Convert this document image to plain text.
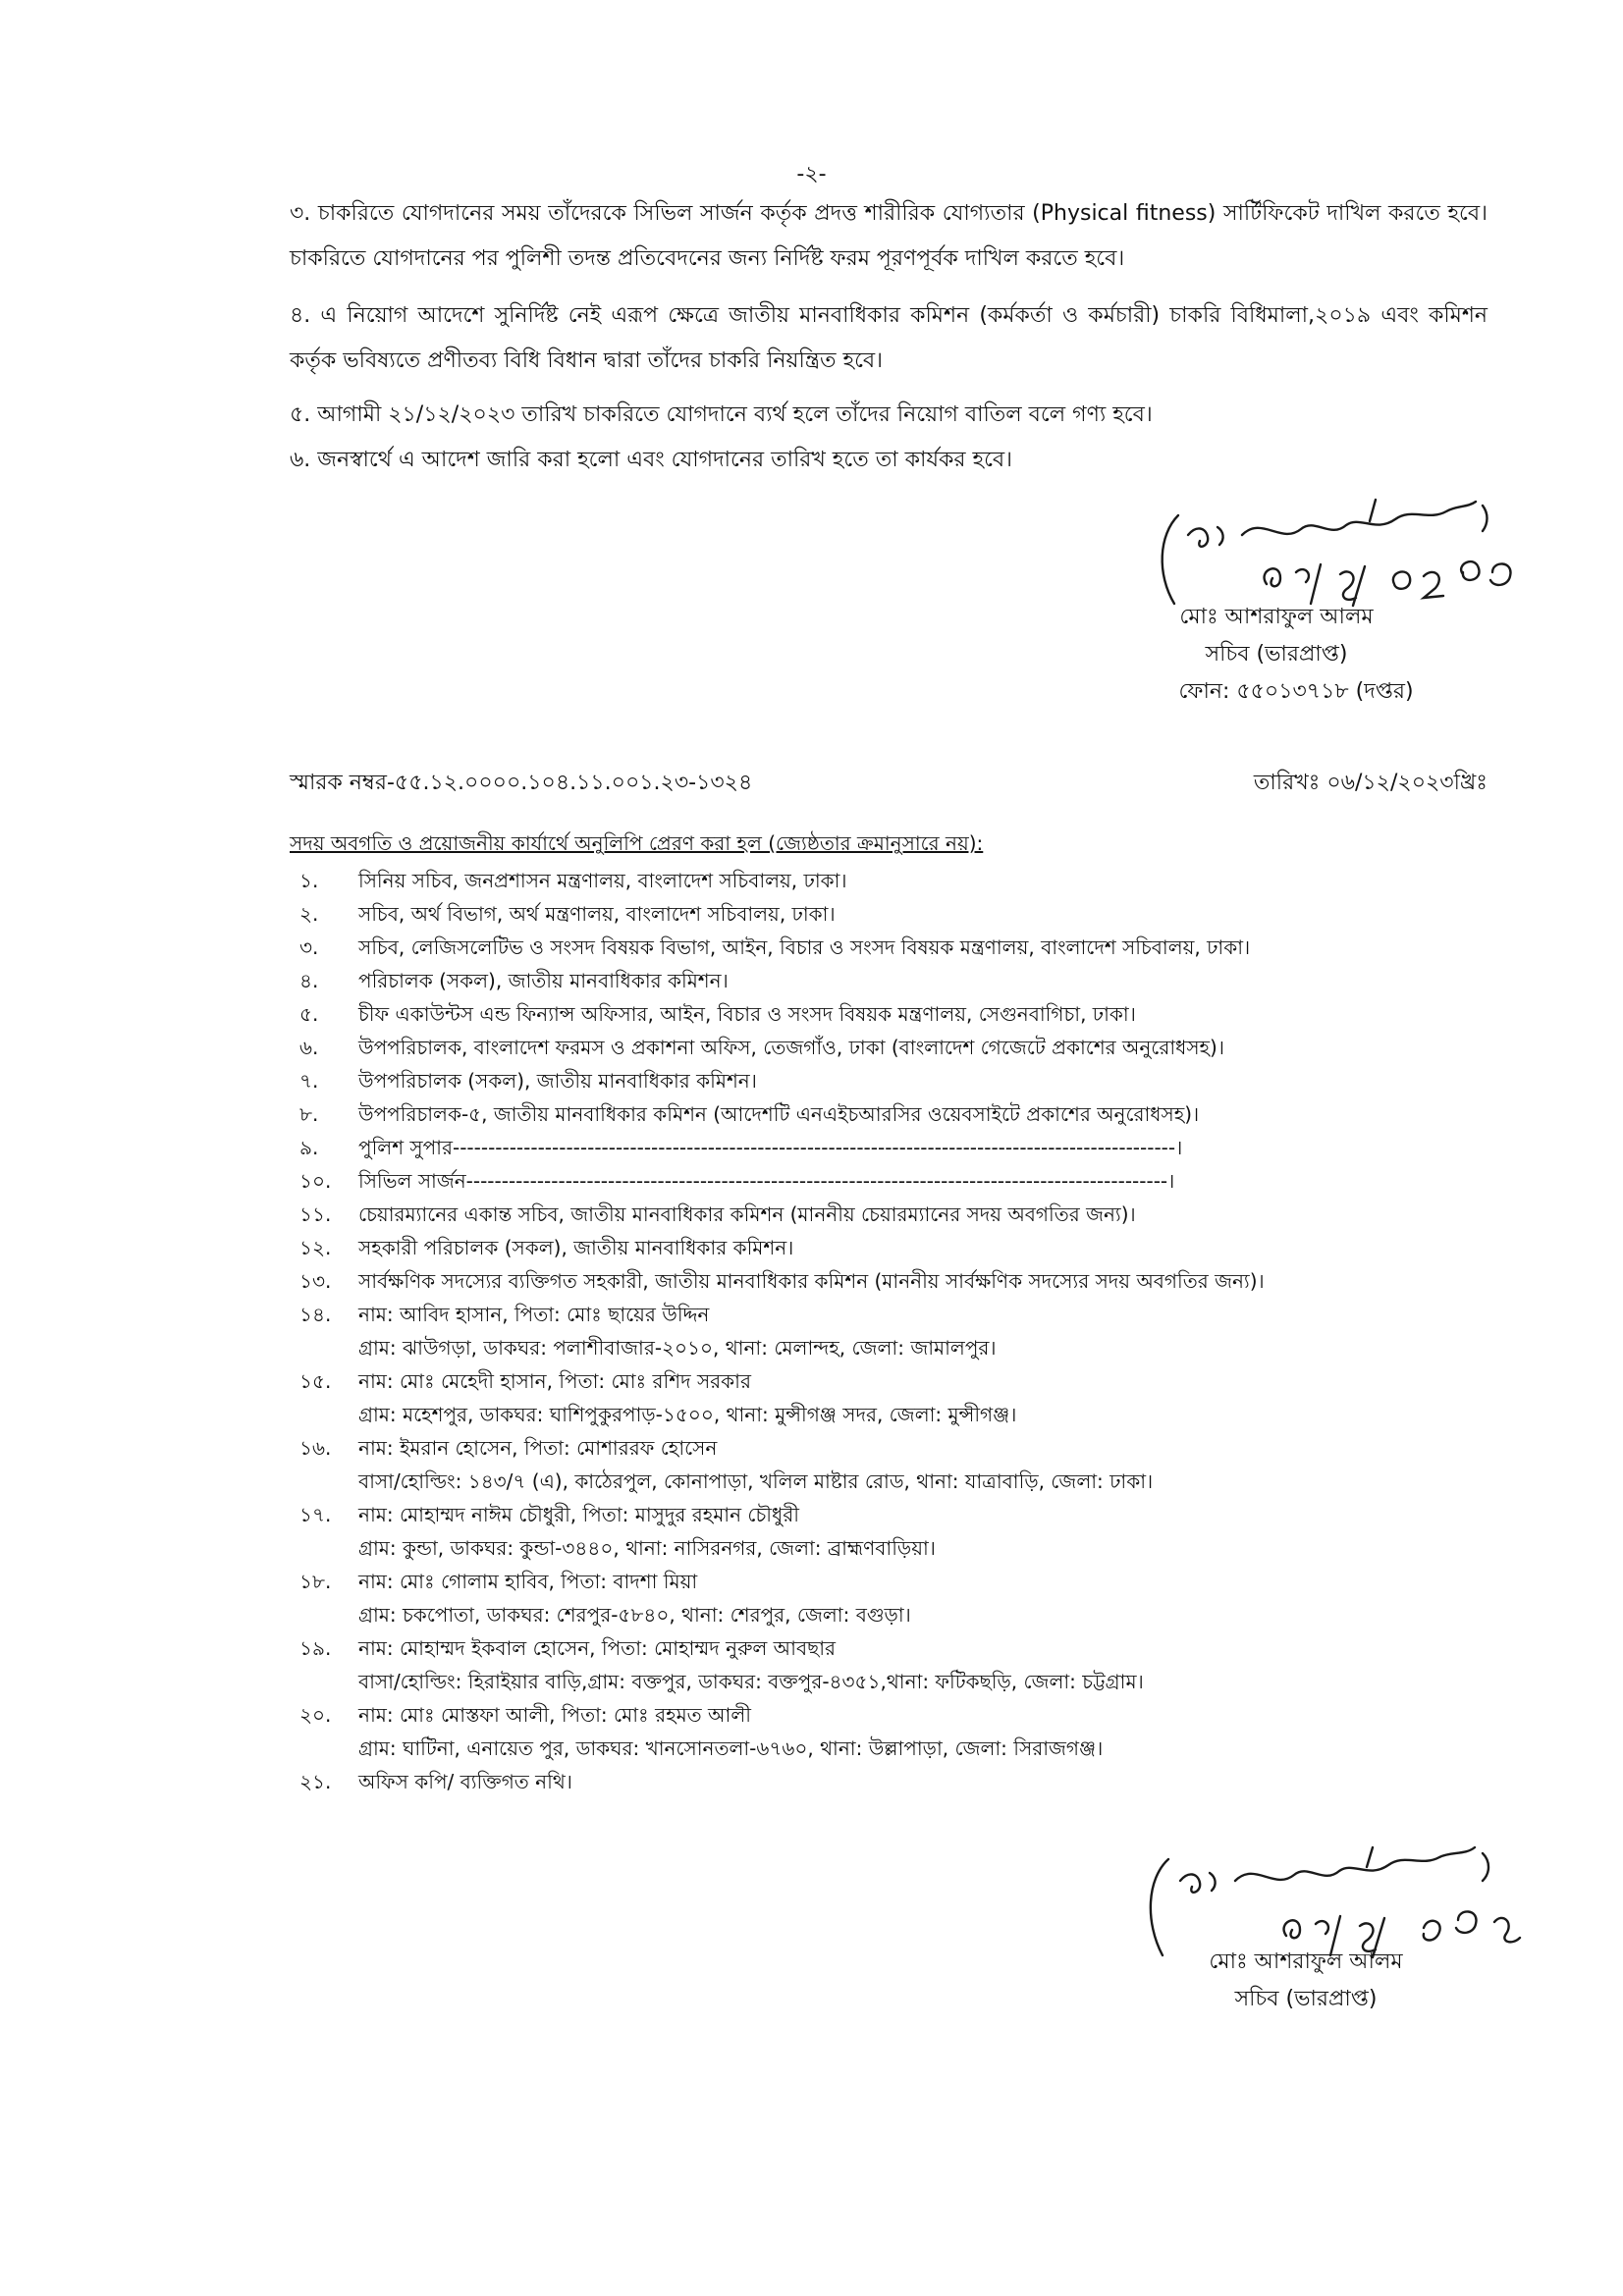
-২-

৩. চাকরিতে যোগদানের সময় তাঁদেরকে সিভিল সার্জন কর্তৃক প্রদত্ত শারীরিক যোগ্যতার (Physical fitness) সার্টিফিকেট দাখিল করতে হবে। চাকরিতে যোগদানের পর পুলিশী তদন্ত প্রতিবেদনের জন্য নির্দিষ্ট ফরম পূরণপূর্বক দাখিল করতে হবে।

৪. এ নিয়োগ আদেশে সুনির্দিষ্ট নেই এরূপ ক্ষেত্রে জাতীয় মানবাধিকার কমিশন (কর্মকর্তা ও কর্মচারী) চাকরি বিধিমালা,২০১৯ এবং কমিশন কর্তৃক ভবিষ্যতে প্রণীতব্য বিধি বিধান দ্বারা তাঁদের চাকরি নিয়ন্ত্রিত হবে।

৫. আগামী ২১/১২/২০২৩ তারিখ চাকরিতে যোগদানে ব্যর্থ হলে তাঁদের নিয়োগ বাতিল বলে গণ্য হবে।

৬. জনস্বার্থে এ আদেশ জারি করা হলো এবং যোগদানের তারিখ হতে তা কার্যকর হবে।

মোঃ আশরাফুল আলম
সচিব (ভারপ্রাপ্ত)
ফোন: ৫৫০১৩৭১৮ (দপ্তর)
স্মারক নম্বর-৫৫.১২.০০০০.১০৪.১১.০০১.২৩-১৩২৪	তারিখঃ ০৬/১২/২০২৩খ্রিঃ
সদয় অবগতি ও প্রয়োজনীয় কার্যার্থে অনুলিপি প্রেরণ করা হল (জ্যেষ্ঠতার ক্রমানুসারে নয়):
১.	সিনিয় সচিব, জনপ্রশাসন মন্ত্রণালয়, বাংলাদেশ সচিবালয়, ঢাকা।
২.	সচিব, অর্থ বিভাগ, অর্থ মন্ত্রণালয়, বাংলাদেশ সচিবালয়, ঢাকা।
৩.	সচিব, লেজিসলেটিভ ও সংসদ বিষয়ক বিভাগ, আইন, বিচার ও সংসদ বিষয়ক মন্ত্রণালয়, বাংলাদেশ সচিবালয়, ঢাকা।
৪.	পরিচালক (সকল), জাতীয় মানবাধিকার কমিশন।
৫.	চীফ একাউন্টস এন্ড ফিন্যান্স অফিসার, আইন, বিচার ও সংসদ বিষয়ক মন্ত্রণালয়, সেগুনবাগিচা, ঢাকা।
৬.	উপপরিচালক, বাংলাদেশ ফরমস ও প্রকাশনা অফিস, তেজগাঁও, ঢাকা (বাংলাদেশ গেজেটে প্রকাশের অনুরোধসহ)।
৭.	উপপরিচালক (সকল), জাতীয় মানবাধিকার কমিশন।
৮.	উপপরিচালক-৫, জাতীয় মানবাধিকার কমিশন (আদেশটি এনএইচআরসির ওয়েবসাইটে প্রকাশের অনুরোধসহ)।
৯.	পুলিশ সুপার------------------------------------------------------------------------------------------------------।
১০.	সিভিল সার্জন---------------------------------------------------------------------------------------------------।
১১.	চেয়ারম্যানের একান্ত সচিব, জাতীয় মানবাধিকার কমিশন (মাননীয় চেয়ারম্যানের সদয় অবগতির জন্য)।
১২.	সহকারী পরিচালক (সকল), জাতীয় মানবাধিকার কমিশন।
১৩.	সার্বক্ষণিক সদস্যের ব্যক্তিগত সহকারী, জাতীয় মানবাধিকার কমিশন (মাননীয় সার্বক্ষণিক সদস্যের সদয় অবগতির জন্য)।
১৪.	নাম: আবিদ হাসান, পিতা: মোঃ ছায়ের উদ্দিন
গ্রাম: ঝাউগড়া, ডাকঘর: পলাশীবাজার-২০১০, থানা: মেলান্দহ, জেলা: জামালপুর।
১৫.	নাম: মোঃ মেহেদী হাসান, পিতা: মোঃ রশিদ সরকার
গ্রাম: মহেশপুর, ডাকঘর: ঘাশিপুকুরপাড়-১৫০০, থানা: মুন্সীগঞ্জ সদর, জেলা: মুন্সীগঞ্জ।
১৬.	নাম: ইমরান হোসেন, পিতা: মোশাররফ হোসেন
বাসা/হোল্ডিং: ১৪৩/৭ (এ), কাঠেরপুল, কোনাপাড়া, খলিল মাষ্টার রোড, থানা: যাত্রাবাড়ি, জেলা: ঢাকা।
১৭.	নাম: মোহাম্মদ নাঈম চৌধুরী, পিতা: মাসুদুর রহমান চৌধুরী
গ্রাম: কুন্ডা, ডাকঘর: কুন্ডা-৩৪৪০, থানা: নাসিরনগর, জেলা: ব্রাহ্মণবাড়িয়া।
১৮.	নাম: মোঃ গোলাম হাবিব, পিতা: বাদশা মিয়া
গ্রাম: চকপোতা, ডাকঘর: শেরপুর-৫৮৪০, থানা: শেরপুর, জেলা: বগুড়া।
১৯.	নাম: মোহাম্মদ ইকবাল হোসেন, পিতা: মোহাম্মদ নুরুল আবছার
বাসা/হোল্ডিং: হিরাইয়ার বাড়ি,গ্রাম: বক্তপুর, ডাকঘর: বক্তপুর-৪৩৫১,থানা: ফটিকছড়ি, জেলা: চট্টগ্রাম।
২০.	নাম: মোঃ মোস্তফা আলী, পিতা: মোঃ রহমত আলী
গ্রাম: ঘাটিনা, এনায়েত পুর, ডাকঘর: খানসোনতলা-৬৭৬০, থানা: উল্লাপাড়া, জেলা: সিরাজগঞ্জ।
২১.	অফিস কপি/ ব্যক্তিগত নথি।
মোঃ আশরাফুল আলম
সচিব (ভারপ্রাপ্ত)
